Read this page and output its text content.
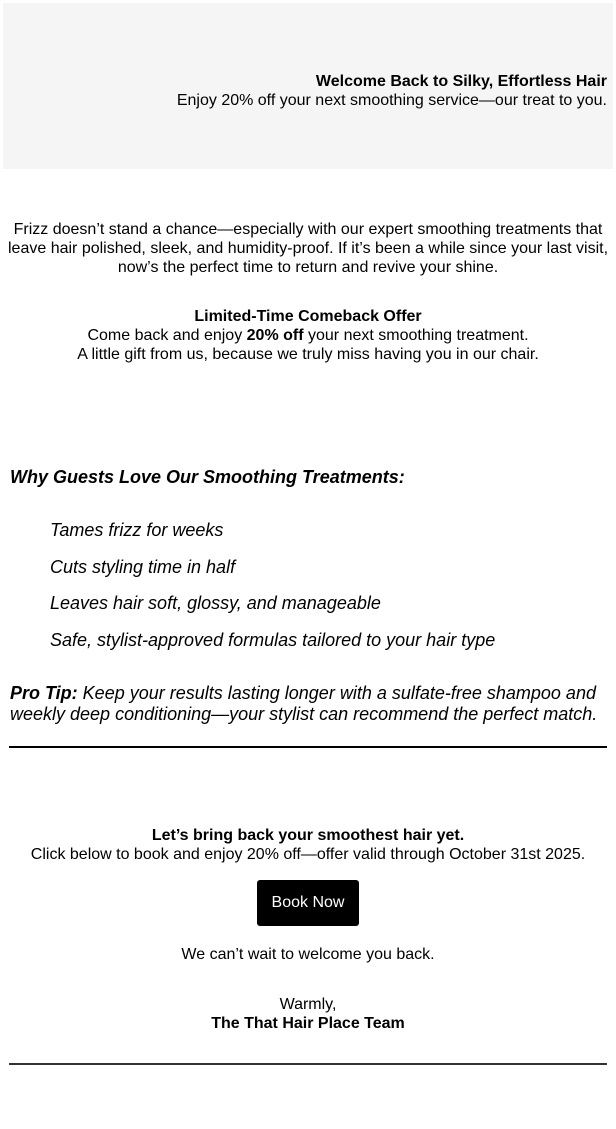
Welcome Back to Silky, Effortless Hair
Enjoy 20% off your next smoothing service—our treat to you.
Frizz doesn’t stand a chance—especially with our expert smoothing treatments that leave hair polished, sleek, and humidity-proof. If it’s been a while since your last visit, now’s the perfect time to return and revive your shine.
Limited-Time Comeback Offer
Come back and enjoy 20% off your next smoothing treatment.
A little gift from us, because we truly miss having you in our chair.
Why Guests Love Our Smoothing Treatments:
Tames frizz for weeks
Cuts styling time in half
Leaves hair soft, glossy, and manageable
Safe, stylist-approved formulas tailored to your hair type
Pro Tip: Keep your results lasting longer with a sulfate-free shampoo and weekly deep conditioning—your stylist can recommend the perfect match.
Let’s bring back your smoothest hair yet.
Click below to book and enjoy 20% off—offer valid through October 31st 2025.
Book Now
We can’t wait to welcome you back.
Warmly,
The That Hair Place Team
